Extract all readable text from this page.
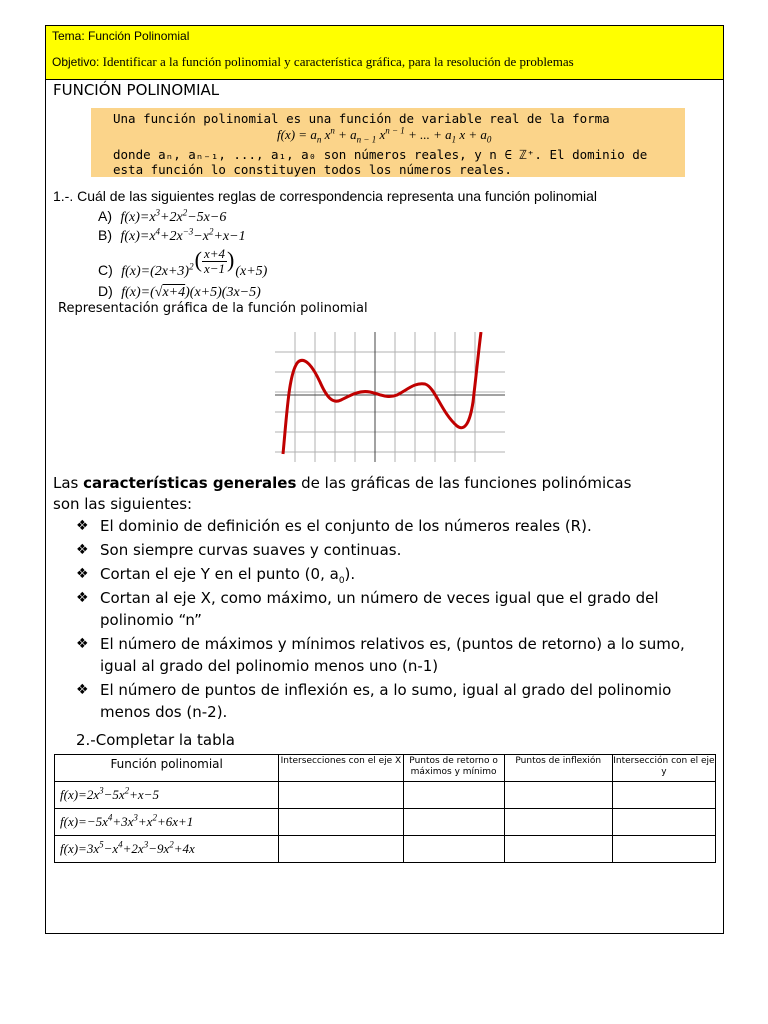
Tema: Función Polinomial
Objetivo: Identificar a la función polinomial y característica gráfica, para la resolución de problemas
FUNCIÓN POLINOMIAL
Una función polinomial es una función de variable real de la forma
$f(x) = a_n$ $x^n + a_{n - 1}$ $x^{n - 1}$ + ... + $a_1$ $x + a_0$
donde aₙ, aₙ₋₁, ..., a₁, a₀ son números reales, y n ∈ ℤ⁺. El dominio de
esta función lo constituyen todos los números reales.
1.-. Cuál de las siguientes reglas de correspondencia representa una función polinomial
A) $f(x)=x^3+2x^2-5x-6$
B) $f(x)=x^4+2x^{-3}-x^2+x-1$
C) $f(x)=(2x+3)^2( \frac{x+4}{x-1} )(x+5)$
D) f(x)=(√x+4)(x+5)(3x−5)
Representación gráfica de la función polinomial
Las características generales de las gráficas de las funciones polinómicas son las siguientes:
❖ El dominio de definición es el conjunto de los números reales (R).
❖ Son siempre curvas suaves y continuas.
❖ Cortan el eje Y en el punto (0, $a_0$).
❖ Cortan al eje X, como máximo, un número de veces igual que el grado del polinomio “n”
❖ El número de máximos y mínimos relativos es, (puntos de retorno) a lo sumo, igual al grado del polinomio menos uno (n-1)
❖ El número de puntos de inflexión es, a lo sumo, igual al grado del polinomio menos dos (n-2).
2.-Completar la tabla
Función polinomial	Intersecciones con el eje X	Puntos de retorno o máximos y mínimo	Puntos de inflexión	Intersección con el eje y
$f(x)=2x^3-5x^2+x-5$				
$f(x)=-5x^4+3x^3+x^2+6x+1$				
$f(x)=3x^5-x^4+2x^3-9x^2+4x$				
